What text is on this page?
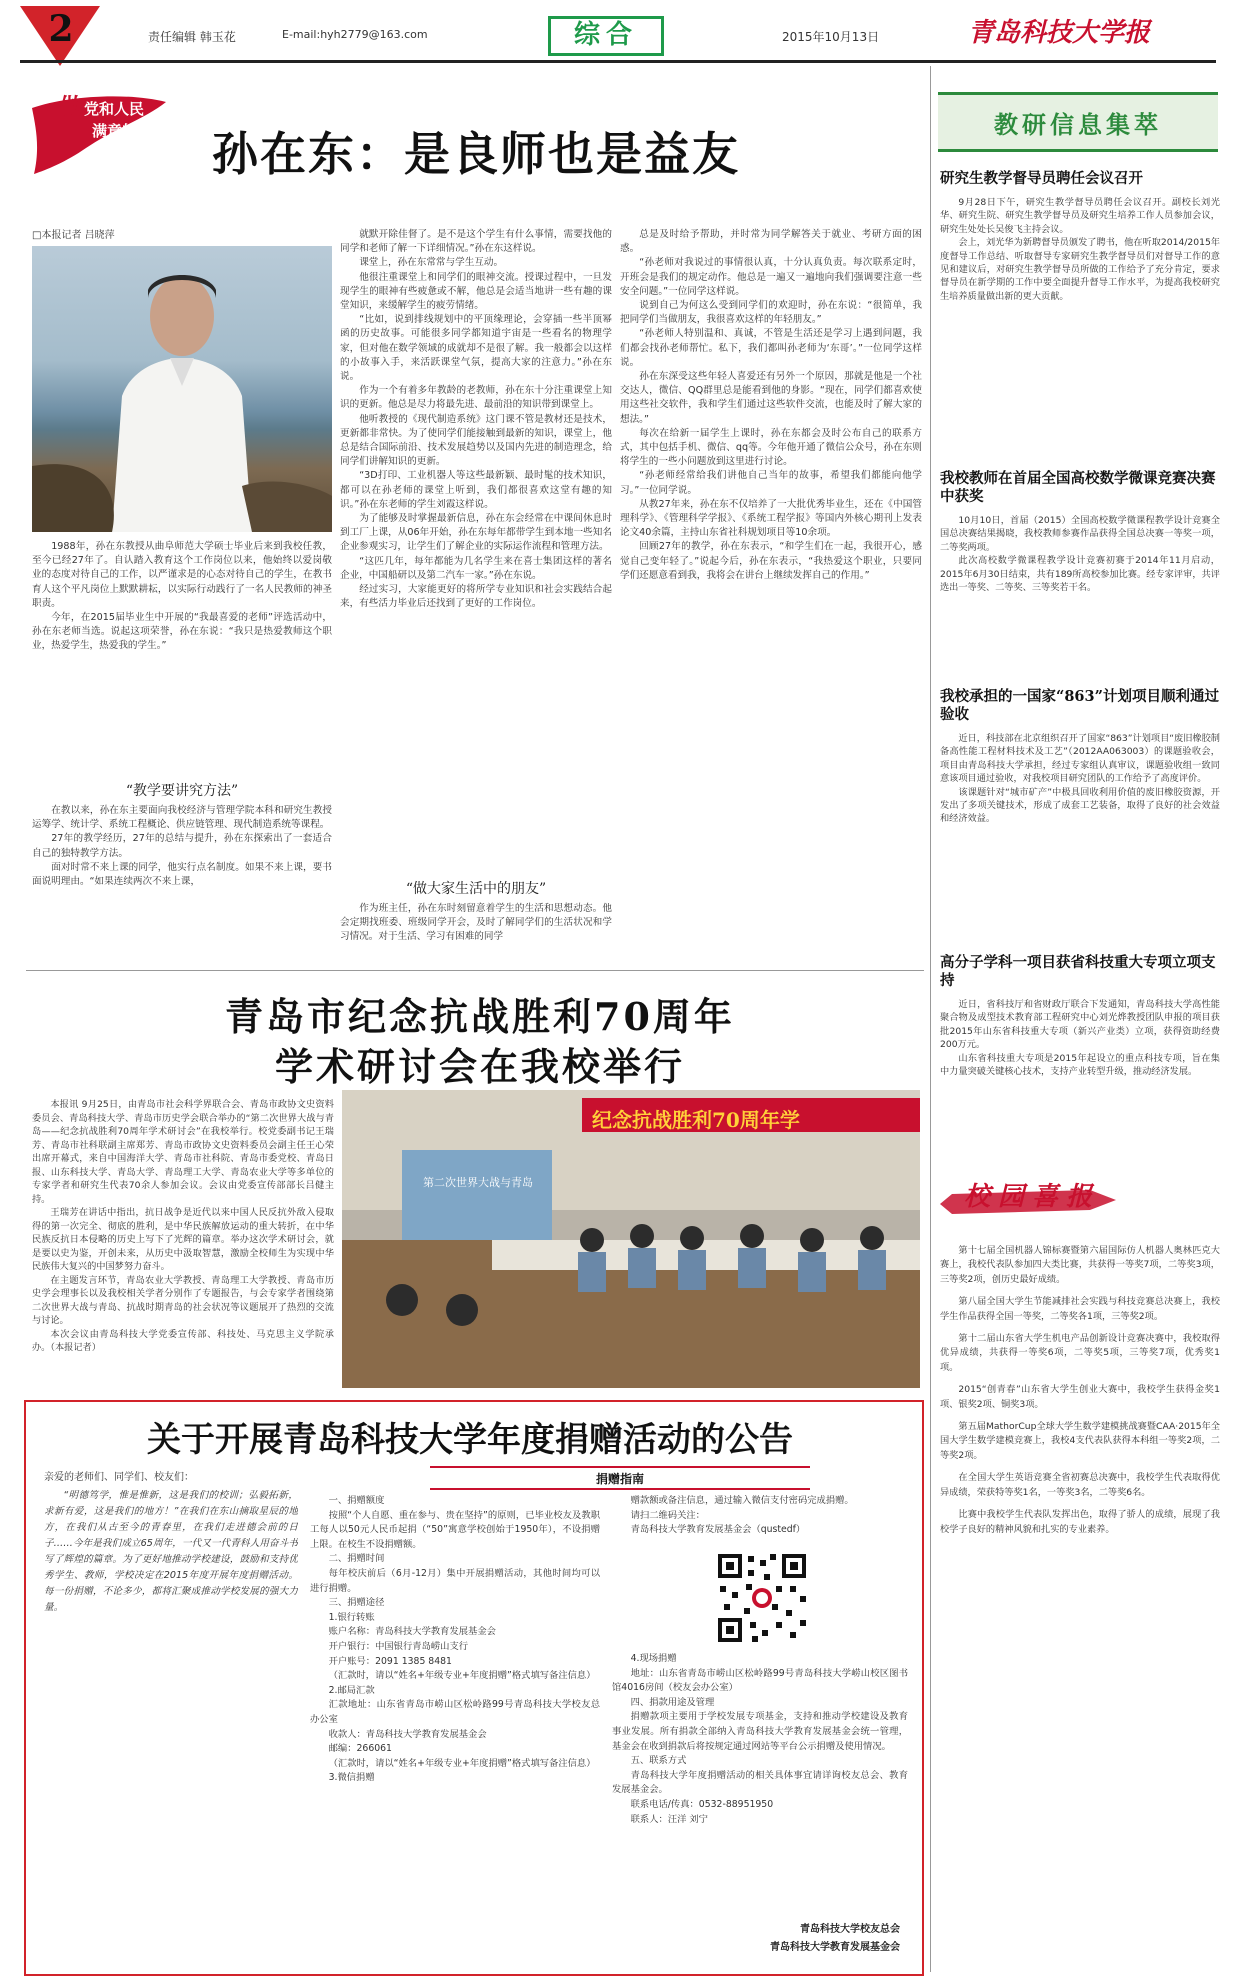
2	责任编辑 韩玉花	E-mail:hyh2779@163.com	综合	2015年10月13日	青岛科技大学报
做 党和人民
满意的
好老师 孙在东：是良师也是益友
□本报记者 吕晓萍

1988年，孙在东教授从曲阜师范大学硕士毕业后来到我校任教，至今已经27年了。自认踏入教育这个工作岗位以来，他始终以爱岗敬业的态度对待自己的工作，以严谨求是的心态对待自己的学生，在教书育人这个平凡岗位上默默耕耘，以实际行动践行了一名人民教师的神圣职责。

今年，在2015届毕业生中开展的“我最喜爱的老师”评选活动中，孙在东老师当选。说起这项荣誉，孙在东说：“我只是热爱教师这个职业，热爱学生，热爱我的学生。”

“教学要讲究方法”

在教以来，孙在东主要面向我校经济与管理学院本科和研究生教授运筹学、统计学、系统工程概论、供应链管理、现代制造系统等课程。

27年的教学经历，27年的总结与提升，孙在东探索出了一套适合自己的独特教学方法。

面对时常不来上课的同学，他实行点名制度。如果不来上课，要书面说明理由。“如果连续两次不来上课，

就默开除佳督了。是不是这个学生有什么事情，需要找他的同学和老师了解一下详细情况。”孙在东这样说。

课堂上，孙在东常常与学生互动。

他很注重课堂上和同学们的眼神交流。授课过程中，一旦发现学生的眼神有些疲惫或不解，他总是会适当地讲一些有趣的课堂知识，来缓解学生的疲劳情绪。

“比如，说到排线规划中的平顶缘理论，会穿插一些半顶幂函的历史故事。可能很多同学都知道宇宙是一些看名的物理学家，但对他在数学领域的成就却不是很了解。我一般都会以这样的小故事入手，来活跃课堂气氛，提高大家的注意力。”孙在东说。

作为一个有着多年教龄的老教师，孙在东十分注重课堂上知识的更新。他总是尽力将最先进、最前沿的知识带到课堂上。

他听教授的《现代制造系统》这门课不管是教材还是技术，更新都非常快。为了使同学们能接触到最新的知识，课堂上，他总是结合国际前沿、技术发展趋势以及国内先进的制造理念，给同学们讲解知识的更新。

“3D打印、工业机器人等这些最新颖、最时髦的技术知识，都可以在孙老师的课堂上听到，我们都很喜欢这堂有趣的知识。”孙在东老师的学生刘霞这样说。

为了能够及时掌握最新信息，孙在东会经常在中课间休息时到工厂上课，从06年开始，孙在东每年都带学生到本地一些知名企业参观实习，让学生们了解企业的实际运作流程和管理方法。

“这匹几年，每年都能为几名学生来在喜士集团这样的著名企业，中国船研以及第二汽车一家。”孙在东说。

经过实习，大家能更好的将所学专业知识和社会实践结合起来，有些活力毕业后还找到了更好的工作岗位。

“做大家生活中的朋友”

作为班主任，孙在东时刻留意着学生的生活和思想动态。他会定期找班委、班级同学开会，及时了解同学们的生活状况和学习情况。对于生活、学习有困难的同学

总是及时给予帮助，并时常为同学解答关于就业、考研方面的困惑。

“孙老师对我说过的事情很认真，十分认真负责。每次联系定时，开班会是我们的规定动作。他总是一遍又一遍地向我们强调要注意一些安全问题。”一位同学这样说。

说到自己为何这么受到同学们的欢迎时，孙在东说：“很简单，我把同学们当做朋友，我很喜欢这样的年轻朋友。”

“孙老师人特别温和、真诚，不管是生活还是学习上遇到问题，我们都会找孙老师帮忙。私下，我们都叫孙老师为‘东哥’。”一位同学这样说。

孙在东深受这些年轻人喜爱还有另外一个原因，那就是他是一个社交达人，微信、QQ群里总是能看到他的身影。“现在，同学们都喜欢使用这些社交软件，我和学生们通过这些软件交流，也能及时了解大家的想法。”

每次在给新一届学生上课时，孙在东都会及时公布自己的联系方式，其中包括手机、微信、qq等。今年他开通了微信公众号，孙在东则将学生的一些小问题放到这里进行讨论。

“孙老师经常给我们讲他自己当年的故事，希望我们都能向他学习。”一位同学说。

从教27年来，孙在东不仅培养了一大批优秀毕业生，还在《中国管理科学》、《管理科学学报》、《系统工程学报》等国内外核心期刊上发表论文40余篇，主持山东省社科规划项目等10余项。

回顾27年的教学，孙在东表示，“和学生们在一起，我很开心，感觉自己变年轻了。”说起今后，孙在东表示，“我热爱这个职业，只要同学们还愿意看到我，我将会在讲台上继续发挥自己的作用。”

青岛市纪念抗战胜利70周年
学术研讨会在我校举行

本报讯 9月25日，由青岛市社会科学界联合会、青岛市政协文史资料委员会、青岛科技大学、青岛市历史学会联合举办的“第二次世界大战与青岛——纪念抗战胜利70周年学术研讨会”在我校举行。校党委副书记王瑞芳、青岛市社科联副主席郑芳、青岛市政协文史资料委员会副主任王心荣出席开幕式，来自中国海洋大学、青岛市社科院、青岛市委党校、青岛日报、山东科技大学、青岛大学、青岛理工大学、青岛农业大学等多单位的专家学者和研究生代表70余人参加会议。会议由党委宣传部部长吕健主持。

王瑞芳在讲话中指出，抗日战争是近代以来中国人民反抗外敌入侵取得的第一次完全、彻底的胜利，是中华民族解放运动的重大转折，在中华民族反抗日本侵略的历史上写下了光辉的篇章。举办这次学术研讨会，就是要以史为鉴，开创未来，从历史中汲取智慧，激励全校师生为实现中华民族伟大复兴的中国梦努力奋斗。

在主题发言环节，青岛农业大学教授、青岛理工大学教授、青岛市历史学会理事长以及我校相关学者分别作了专题报告，与会专家学者围绕第二次世界大战与青岛、抗战时期青岛的社会状况等议题展开了热烈的交流与讨论。

本次会议由青岛科技大学党委宣传部、科技处、马克思主义学院承办。（本报记者）

纪念抗战胜利70周年学
第二次世界大战与青岛
关于开展青岛科技大学年度捐赠活动的公告
亲爱的老师们、同学们、校友们：

“明德笃学，惟是惟新，这是我们的校训；弘毅拓新，求新有爱，这是我们的地方！”在我们在东山摘取星辰的地方，在我们从古至今的青春里，在我们走进德会前的日子……今年是我们成立65周年，一代又一代青科人用奋斗书写了辉煌的篇章。为了更好地推动学校建设，鼓励和支持优秀学生、教师，学校决定在2015年度开展年度捐赠活动。每一份捐赠，不论多少，都将汇聚成推动学校发展的强大力量。

捐赠指南

一、捐赠额度

按照“个人自愿、重在参与、贵在坚持”的原则，已毕业校友及教职工每人以50元人民币起捐（“50”寓意学校创始于1950年），不设捐赠上限。在校生不设捐赠额。

二、捐赠时间

每年校庆前后（6月-12月）集中开展捐赠活动，其他时间均可以进行捐赠。

三、捐赠途径

1.银行转账

账户名称：青岛科技大学教育发展基金会

开户银行：中国银行青岛崂山支行

开户账号：2091 1385 8481

（汇款时，请以“姓名+年级专业+年度捐赠”格式填写备注信息）

2.邮局汇款

汇款地址：山东省青岛市崂山区松岭路99号青岛科技大学校友总办公室

收款人：青岛科技大学教育发展基金会

邮编：266061

（汇款时，请以“姓名+年级专业+年度捐赠”格式填写备注信息）

3.微信捐赠

赠款额或备注信息，通过输入微信支付密码完成捐赠。

请扫二维码关注：

青岛科技大学教育发展基金会（qustedf）

4.现场捐赠

地址：山东省青岛市崂山区松岭路99号青岛科技大学崂山校区图书馆4016房间（校友会办公室）

四、捐款用途及管理

捐赠款项主要用于学校发展专项基金，支持和推动学校建设及教育事业发展。所有捐款全部纳入青岛科技大学教育发展基金会统一管理，基金会在收到捐款后将按规定通过网站等平台公示捐赠及使用情况。

五、联系方式

青岛科技大学年度捐赠活动的相关具体事宜请详询校友总会、教育发展基金会。

联系电话/传真：0532-88951950

联系人：汪洋 刘宁

青岛科技大学校友总会
青岛科技大学教育发展基金会
教研信息集萃
研究生教学督导员聘任会议召开

9月28日下午，研究生教学督导员聘任会议召开。副校长刘光华、研究生院、研究生教学督导员及研究生培养工作人员参加会议，研究生处处长吴俊飞主持会议。

会上，刘光华为新聘督导员颁发了聘书，他在听取2014/2015年度督导工作总结、听取督导专家研究生教学督导员们对督导工作的意见和建议后，对研究生教学督导员所做的工作给予了充分肯定，要求督导员在新学期的工作中要全面提升督导工作水平，为提高我校研究生培养质量做出新的更大贡献。

我校教师在首届全国高校数学微课竞赛决赛中获奖

10月10日，首届（2015）全国高校数学微课程教学设计竞赛全国总决赛结果揭晓，我校教师参赛作品获得全国总决赛一等奖一项，二等奖两项。

此次高校数学微课程教学设计竞赛初赛于2014年11月启动，2015年6月30日结束，共有189所高校参加比赛。经专家评审，共评选出一等奖、二等奖、三等奖若干名。

我校承担的一国家“863”计划项目顺利通过验收

近日，科技部在北京组织召开了国家“863”计划项目“废旧橡胶制备高性能工程材料技术及工艺”（2012AA063003）的课题验收会，项目由青岛科技大学承担，经过专家组认真审议，课题验收组一致同意该项目通过验收，对我校项目研究团队的工作给予了高度评价。

该课题针对“城市矿产”中极具回收利用价值的废旧橡胶资源，开发出了多项关键技术，形成了成套工艺装备，取得了良好的社会效益和经济效益。

高分子学科一项目获省科技重大专项立项支持

近日，省科技厅和省财政厅联合下发通知，青岛科技大学高性能聚合物及成型技术教育部工程研究中心刘光烨教授团队申报的项目获批2015年山东省科技重大专项（新兴产业类）立项，获得资助经费200万元。

山东省科技重大专项是2015年起设立的重点科技专项，旨在集中力量突破关键核心技术，支持产业转型升级，推动经济发展。

校园喜报

第十七届全国机器人锦标赛暨第六届国际仿人机器人奥林匹克大赛上，我校代表队参加四大类比赛，共获得一等奖7项，二等奖3项，三等奖2项，创历史最好成绩。

第八届全国大学生节能减排社会实践与科技竞赛总决赛上，我校学生作品获得全国一等奖，二等奖各1项，三等奖2项。

第十二届山东省大学生机电产品创新设计竞赛决赛中，我校取得优异成绩，共获得一等奖6项，二等奖5项，三等奖7项，优秀奖1项。

2015“创青春”山东省大学生创业大赛中，我校学生获得金奖1项、银奖2项、铜奖3项。

第五届MathorCup全球大学生数学建模挑战赛暨CAA·2015年全国大学生数学建模竞赛上，我校4支代表队获得本科组一等奖2项，二等奖2项。

在全国大学生英语竞赛全省初赛总决赛中，我校学生代表取得优异成绩，荣获特等奖1名，一等奖3名，二等奖6名。

比赛中我校学生代表队发挥出色，取得了骄人的成绩，展现了我校学子良好的精神风貌和扎实的专业素养。
